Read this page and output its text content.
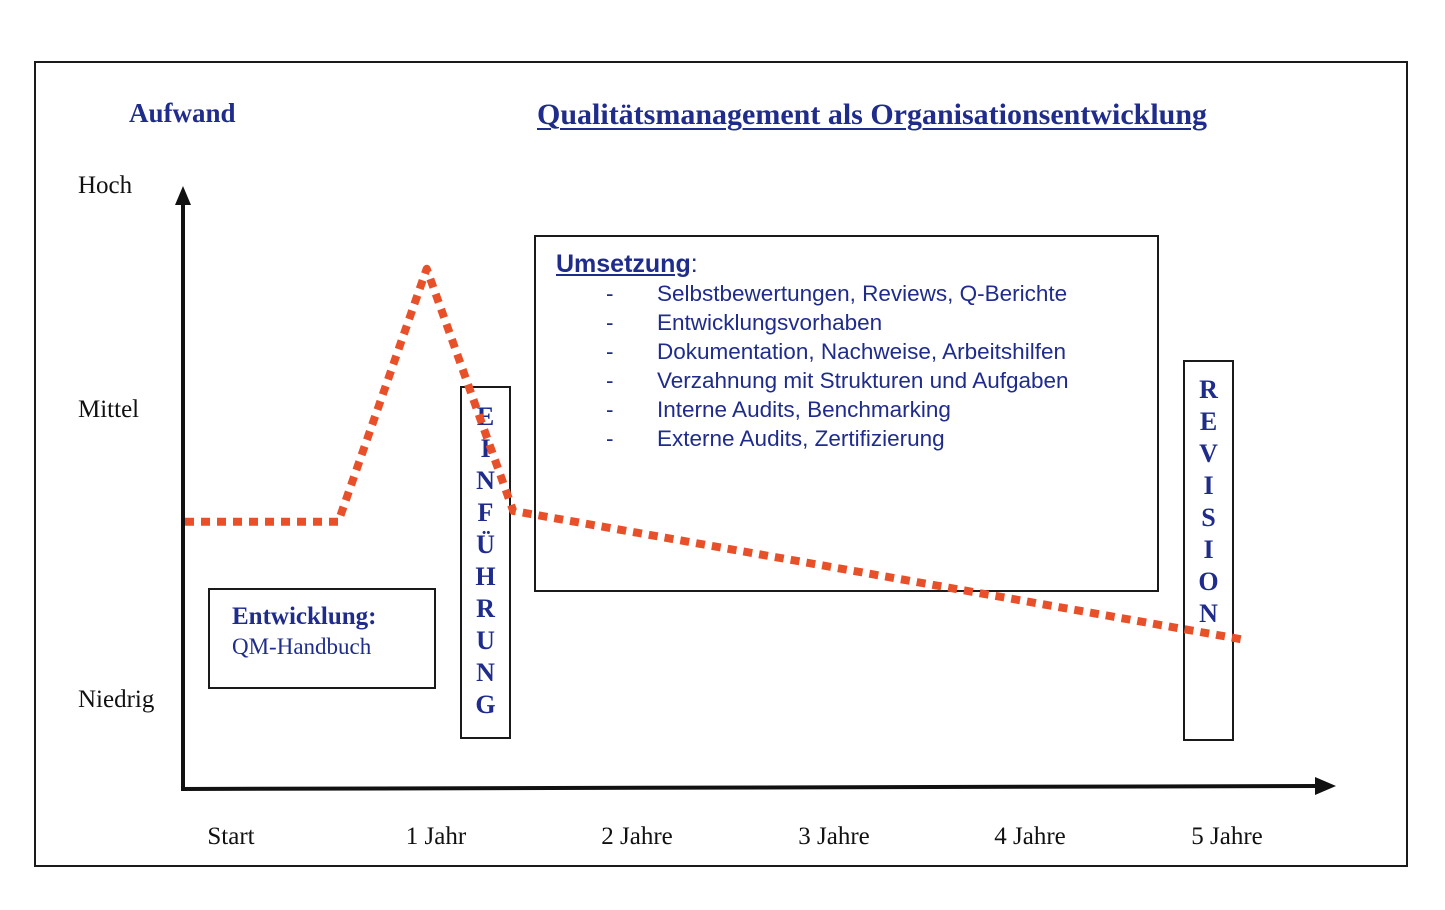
Aufwand	Qualitätsmanagement als Organisationsentwicklung
Hoch
Mittel
Niedrig
Start	1 Jahr	2 Jahre	3 Jahre	4 Jahre	5 Jahre
Entwicklung:
QM-Handbuch
Umsetzung:
- Selbstbewertungen, Reviews, Q-Berichte
- Entwicklungsvorhaben
- Dokumentation, Nachweise, Arbeitshilfen
- Verzahnung mit Strukturen und Aufgaben
- Interne Audits, Benchmarking
- Externe Audits, Zertifizierung
E
I
N
F
Ü
H
R
U
N
G
R
E
V
I
S
I
O
N
